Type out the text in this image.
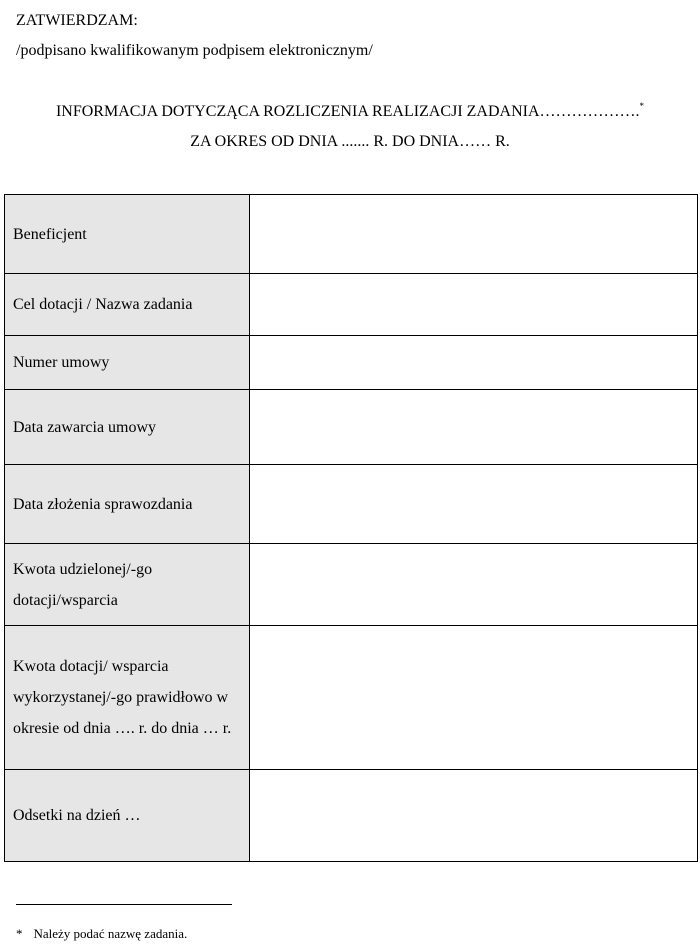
ZATWIERDZAM:
/podpisano kwalifikowanym podpisem elektronicznym/
INFORMACJA DOTYCZĄCA ROZLICZENIA REALIZACJI ZADANIA……………….*
ZA OKRES OD DNIA ....... R. DO DNIA…… R.
Beneficjent	
Cel dotacji / Nazwa zadania	
Numer umowy	
Data zawarcia umowy	
Data złożenia sprawozdania	
Kwota udzielonej/-go dotacji/wsparcia	
Kwota dotacji/ wsparcia wykorzystanej/-go prawidłowo w okresie od dnia …. r. do dnia … r.	
Odsetki na dzień …	
* Należy podać nazwę zadania.
